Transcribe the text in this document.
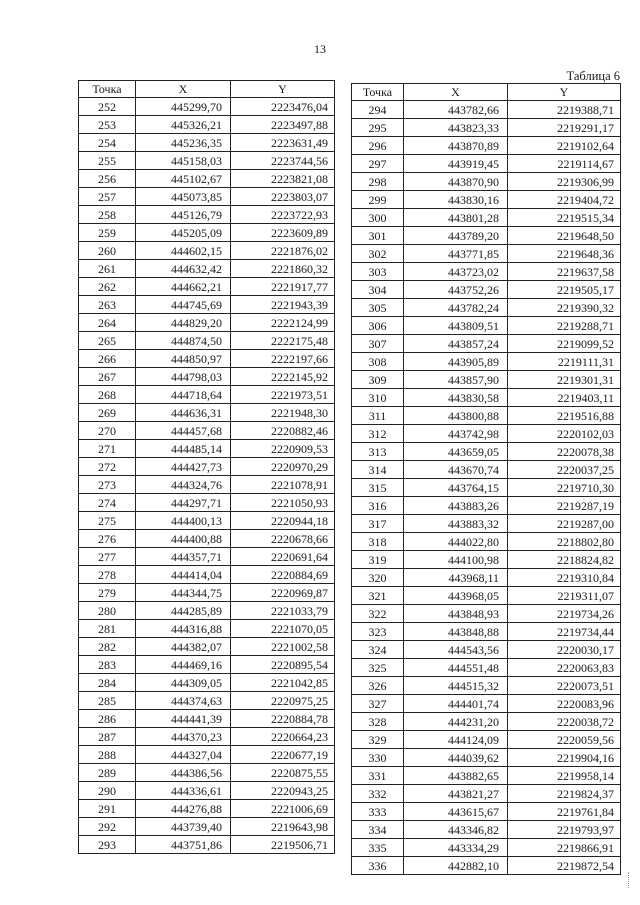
13
Таблица 6
Точка	X	Y
252	445299,70	2223476,04
253	445326,21	2223497,88
254	445236,35	2223631,49
255	445158,03	2223744,56
256	445102,67	2223821,08
257	445073,85	2223803,07
258	445126,79	2223722,93
259	445205,09	2223609,89
260	444602,15	2221876,02
261	444632,42	2221860,32
262	444662,21	2221917,77
263	444745,69	2221943,39
264	444829,20	2222124,99
265	444874,50	2222175,48
266	444850,97	2222197,66
267	444798,03	2222145,92
268	444718,64	2221973,51
269	444636,31	2221948,30
270	444457,68	2220882,46
271	444485,14	2220909,53
272	444427,73	2220970,29
273	444324,76	2221078,91
274	444297,71	2221050,93
275	444400,13	2220944,18
276	444400,88	2220678,66
277	444357,71	2220691,64
278	444414,04	2220884,69
279	444344,75	2220969,87
280	444285,89	2221033,79
281	444316,88	2221070,05
282	444382,07	2221002,58
283	444469,16	2220895,54
284	444309,05	2221042,85
285	444374,63	2220975,25
286	444441,39	2220884,78
287	444370,23	2220664,23
288	444327,04	2220677,19
289	444386,56	2220875,55
290	444336,61	2220943,25
291	444276,88	2221006,69
292	443739,40	2219643,98
293	443751,86	2219506,71
Точка	X	Y
294	443782,66	2219388,71
295	443823,33	2219291,17
296	443870,89	2219102,64
297	443919,45	2219114,67
298	443870,90	2219306,99
299	443830,16	2219404,72
300	443801,28	2219515,34
301	443789,20	2219648,50
302	443771,85	2219648,36
303	443723,02	2219637,58
304	443752,26	2219505,17
305	443782,24	2219390,32
306	443809,51	2219288,71
307	443857,24	2219099,52
308	443905,89	2219111,31
309	443857,90	2219301,31
310	443830,58	2219403,11
311	443800,88	2219516,88
312	443742,98	2220102,03
313	443659,05	2220078,38
314	443670,74	2220037,25
315	443764,15	2219710,30
316	443883,26	2219287,19
317	443883,32	2219287,00
318	444022,80	2218802,80
319	444100,98	2218824,82
320	443968,11	2219310,84
321	443968,05	2219311,07
322	443848,93	2219734,26
323	443848,88	2219734,44
324	444543,56	2220030,17
325	444551,48	2220063,83
326	444515,32	2220073,51
327	444401,74	2220083,96
328	444231,20	2220038,72
329	444124,09	2220059,56
330	444039,62	2219904,16
331	443882,65	2219958,14
332	443821,27	2219824,37
333	443615,67	2219761,84
334	443346,82	2219793,97
335	443334,29	2219866,91
336	442882,10	2219872,54
